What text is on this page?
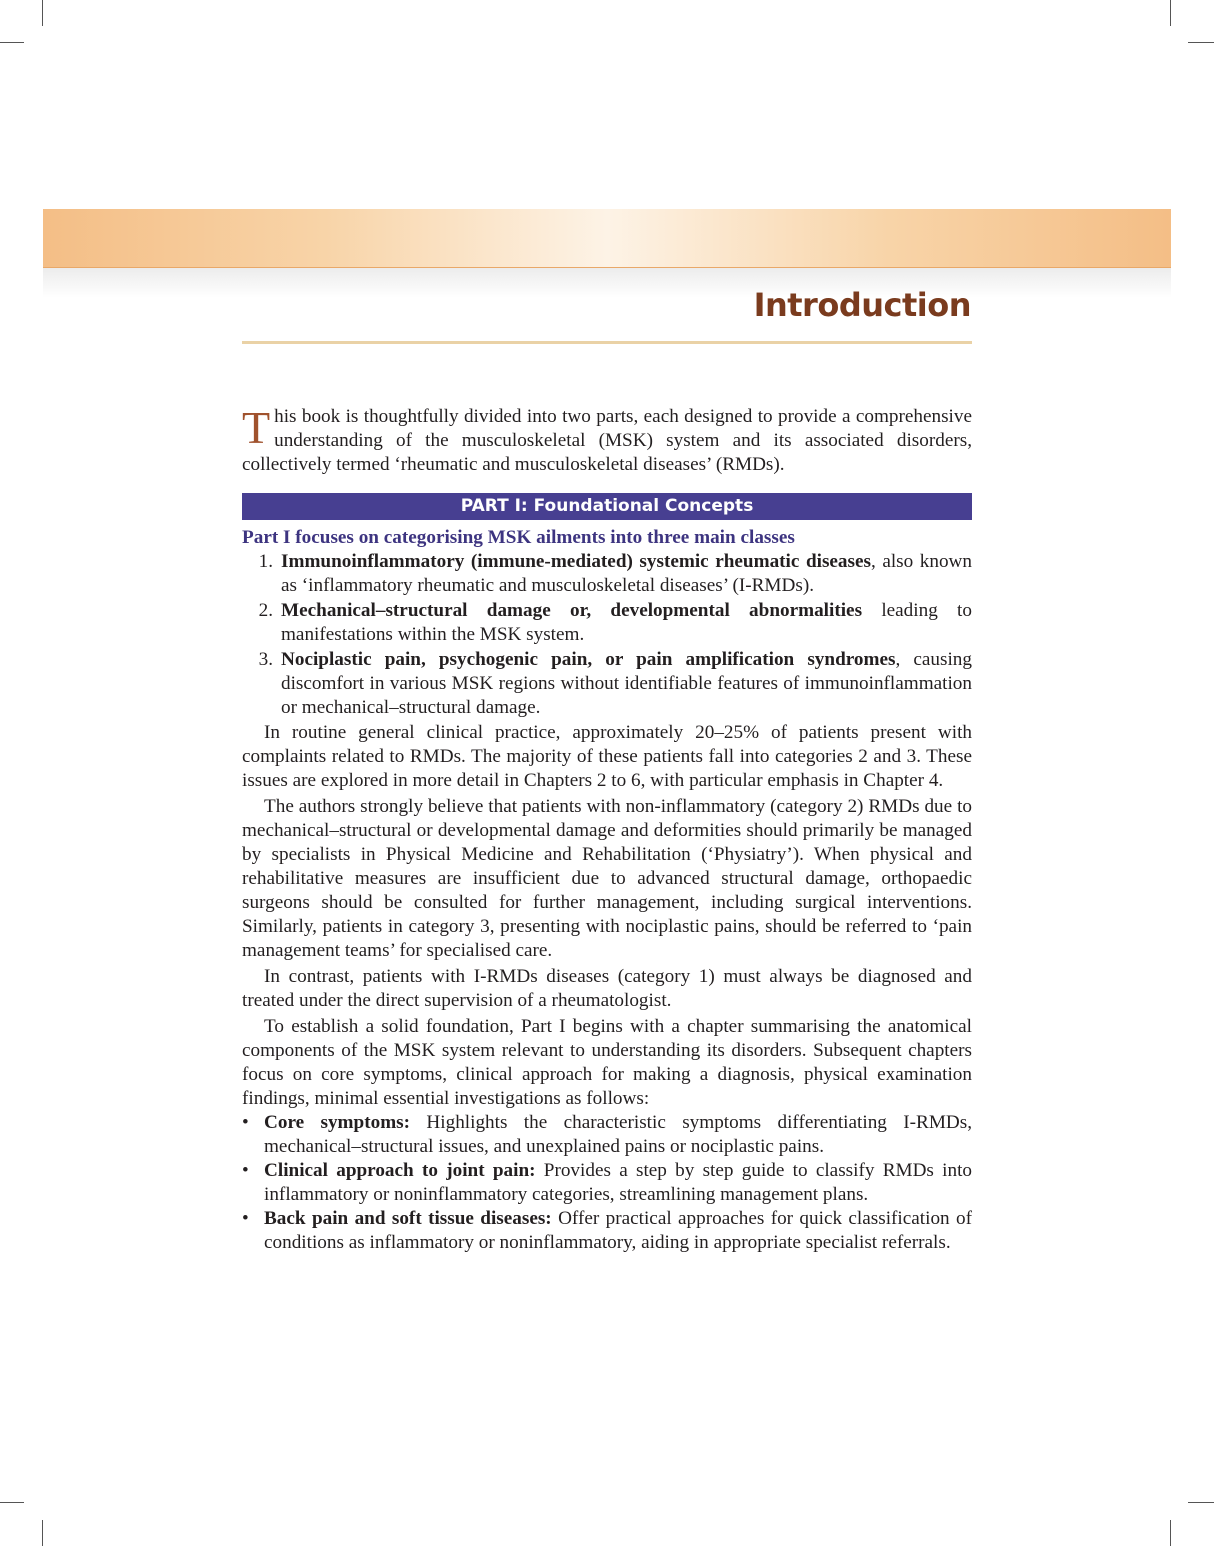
Introduction

This book is thoughtfully divided into two parts, each designed to provide a comprehensive understanding of the musculoskeletal (MSK) system and its associated disorders, collectively termed ‘rheumatic and musculoskeletal diseases’ (RMDs).

PART I: Foundational Concepts

Part I focuses on categorising MSK ailments into three main classes

1. Immunoinflammatory (immune-mediated) systemic rheumatic diseases, also known as ‘inflammatory rheumatic and musculoskeletal diseases’ (I-RMDs).
2. Mechanical–structural damage or, developmental abnormalities leading to manifestations within the MSK system.
3. Nociplastic pain, psychogenic pain, or pain amplification syndromes, causing discomfort in various MSK regions without identifiable features of immunoinflammation or mechanical–structural damage.

In routine general clinical practice, approximately 20–25% of patients present with complaints related to RMDs. The majority of these patients fall into categories 2 and 3. These issues are explored in more detail in Chapters 2 to 6, with particular emphasis in Chapter 4.

The authors strongly believe that patients with non-inflammatory (category 2) RMDs due to mechanical–structural or developmental damage and deformities should primarily be managed by specialists in Physical Medicine and Rehabilitation (‘Physiatry’). When physical and rehabilitative measures are insufficient due to advanced structural damage, orthopaedic surgeons should be consulted for further management, including surgical interventions. Similarly, patients in category 3, presenting with nociplastic pains, should be referred to ‘pain management teams’ for specialised care.

In contrast, patients with I-RMDs diseases (category 1) must always be diagnosed and treated under the direct supervision of a rheumatologist.

To establish a solid foundation, Part I begins with a chapter summarising the anatomical components of the MSK system relevant to understanding its disorders. Subsequent chapters focus on core symptoms, clinical approach for making a diagnosis, physical examination findings, minimal essential investigations as follows:

• Core symptoms: Highlights the characteristic symptoms differentiating I-RMDs, mechanical–structural issues, and unexplained pains or nociplastic pains.
• Clinical approach to joint pain: Provides a step by step guide to classify RMDs into inflammatory or noninflammatory categories, streamlining management plans.
• Back pain and soft tissue diseases: Offer practical approaches for quick classification of conditions as inflammatory or noninflammatory, aiding in appropriate specialist referrals.
